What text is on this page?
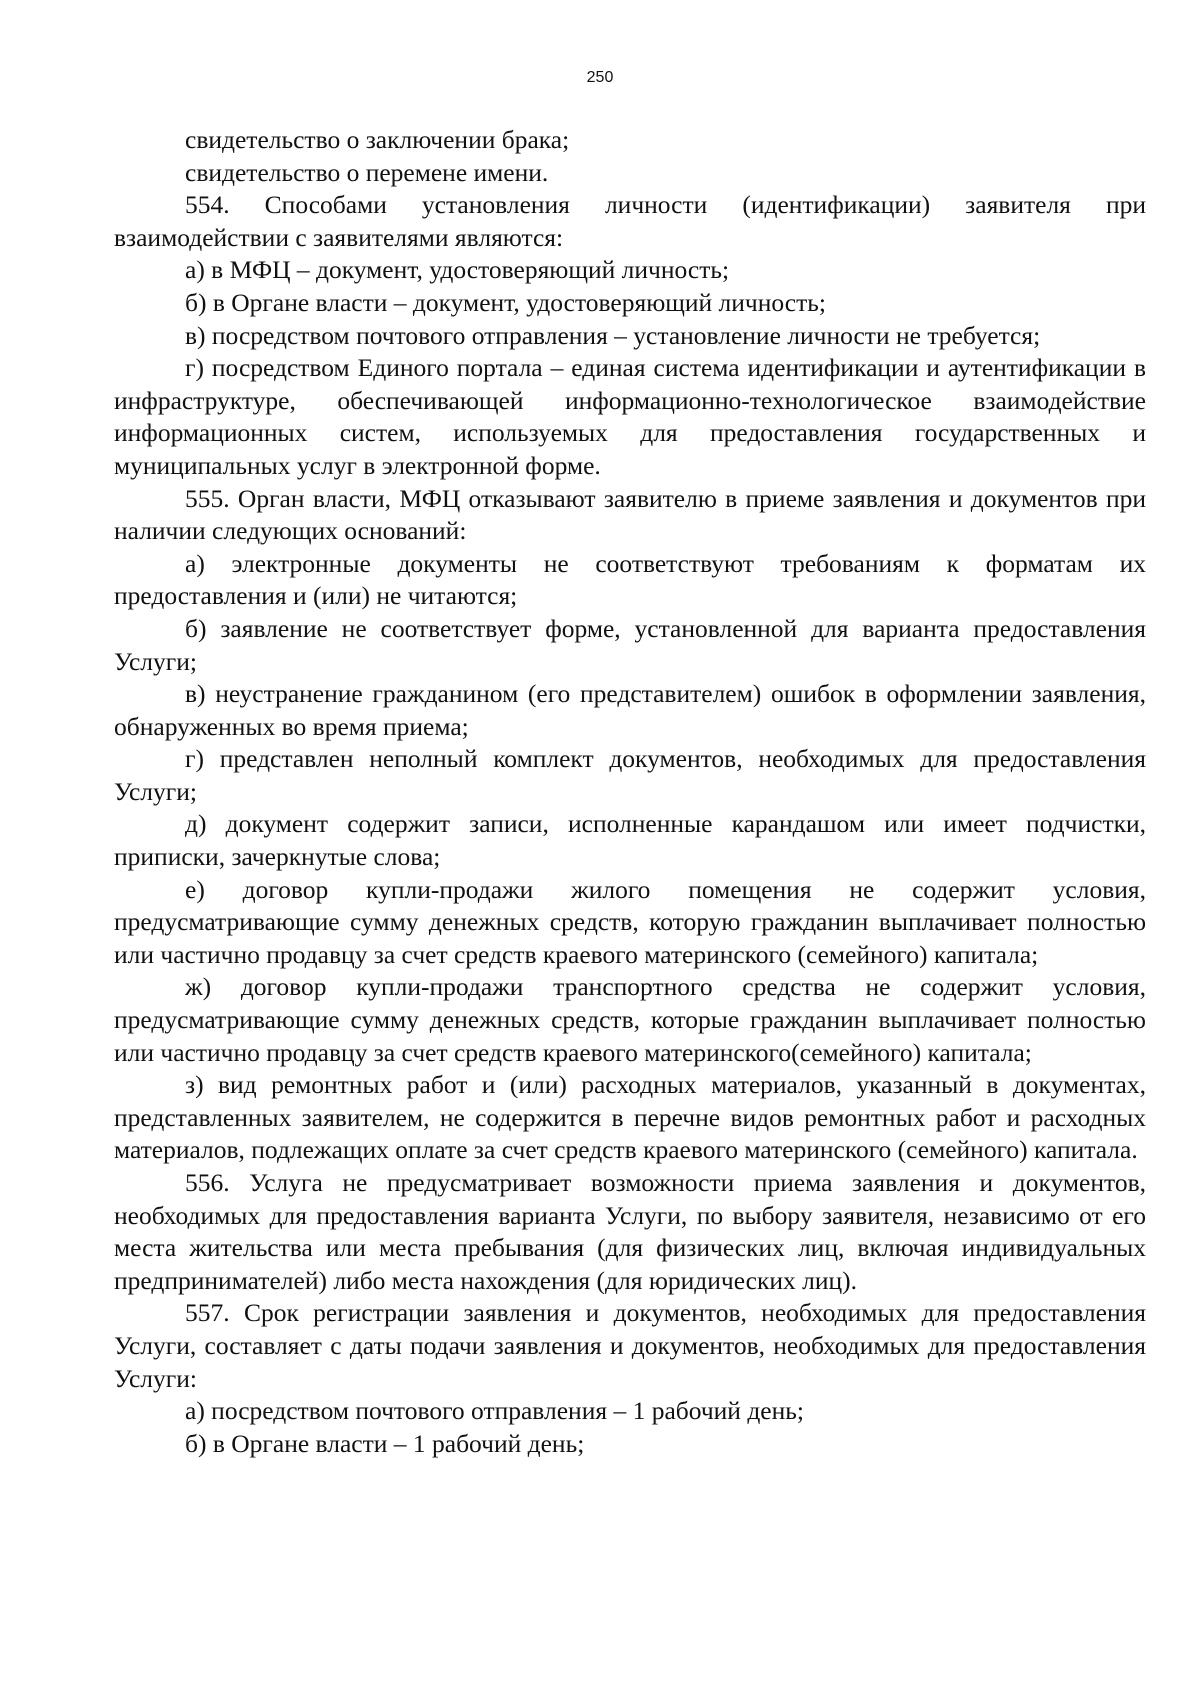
250

свидетельство о заключении брака;

свидетельство о перемене имени.

554. Способами установления личности (идентификации) заявителя при взаимодействии с заявителями являются:

а) в МФЦ – документ, удостоверяющий личность;

б) в Органе власти – документ, удостоверяющий личность;

в) посредством почтового отправления – установление личности не требуется;

г) посредством Единого портала – единая система идентификации и аутентификации в инфраструктуре, обеспечивающей информационно-технологическое взаимодействие информационных систем, используемых для предоставления государственных и муниципальных услуг в электронной форме.

555. Орган власти, МФЦ отказывают заявителю в приеме заявления и документов при наличии следующих оснований:

а) электронные документы не соответствуют требованиям к форматам их предоставления и (или) не читаются;

б) заявление не соответствует форме, установленной для варианта предоставления Услуги;

в) неустранение гражданином (его представителем) ошибок в оформлении заявления, обнаруженных во время приема;

г) представлен неполный комплект документов, необходимых для предоставления Услуги;

д) документ содержит записи, исполненные карандашом или имеет подчистки, приписки, зачеркнутые слова;

е) договор купли-продажи жилого помещения не содержит условия, предусматривающие сумму денежных средств, которую гражданин выплачивает полностью или частично продавцу за счет средств краевого материнского (семейного) капитала;

ж) договор купли-продажи транспортного средства не содержит условия, предусматривающие сумму денежных средств, которые гражданин выплачивает полностью или частично продавцу за счет средств краевого материнского(семейного) капитала;

з) вид ремонтных работ и (или) расходных материалов, указанный в документах, представленных заявителем, не содержится в перечне видов ремонтных работ и расходных материалов, подлежащих оплате за счет средств краевого материнского (семейного) капитала.

556. Услуга не предусматривает возможности приема заявления и документов, необходимых для предоставления варианта Услуги, по выбору заявителя, независимо от его места жительства или места пребывания (для физических лиц, включая индивидуальных предпринимателей) либо места нахождения (для юридических лиц).

557. Срок регистрации заявления и документов, необходимых для предоставления Услуги, составляет с даты подачи заявления и документов, необходимых для предоставления Услуги:

а) посредством почтового отправления – 1 рабочий день;

б) в Органе власти – 1 рабочий день;
